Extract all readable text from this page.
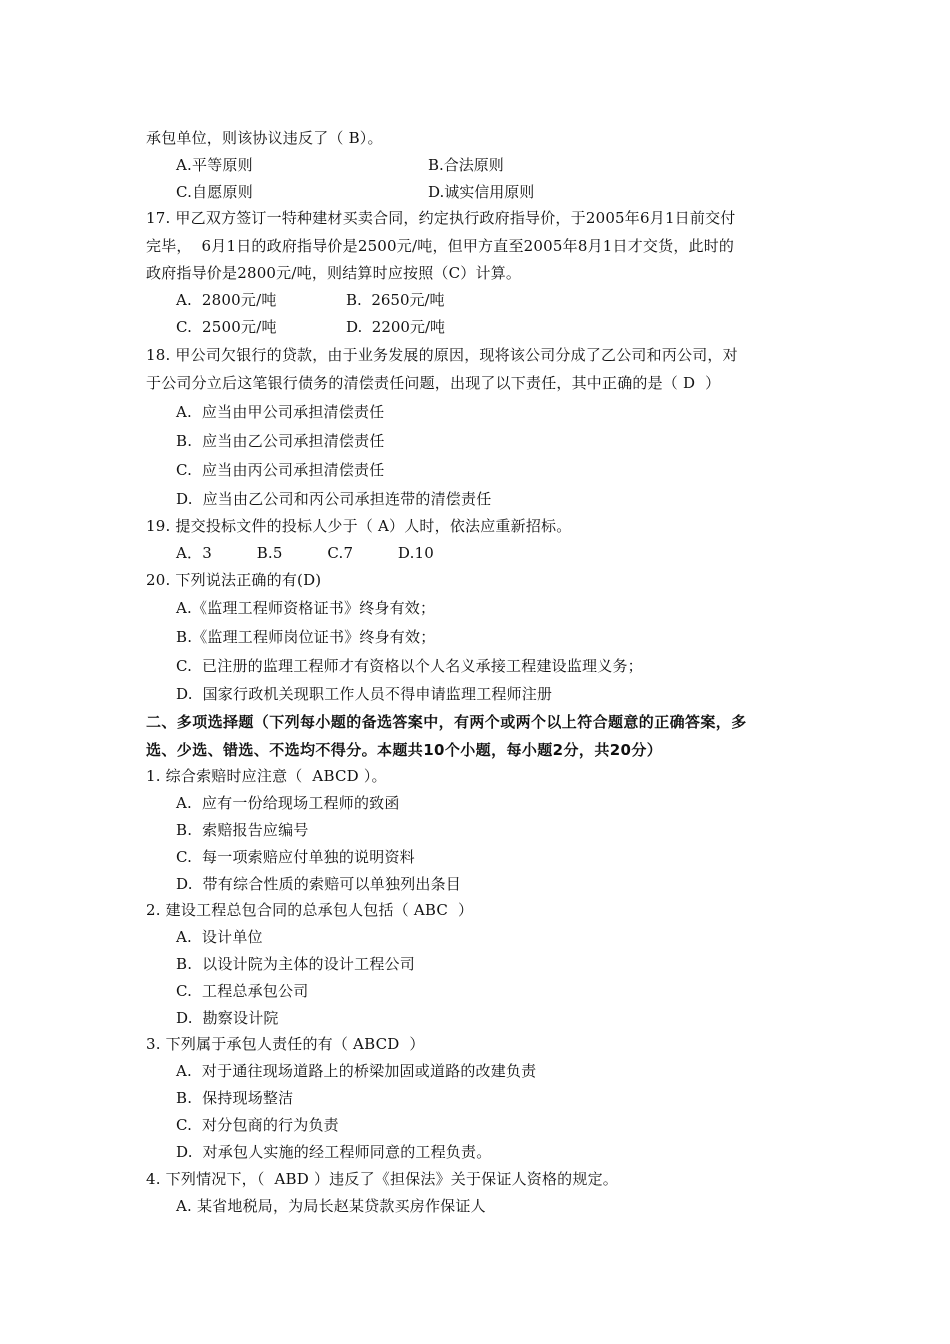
承包单位，则该协议违反了（ B）。
A.平等原则	B.合法原则
C.自愿原则	D.诚实信用原则
17. 甲乙双方签订一特种建材买卖合同，约定执行政府指导价，于2005年6月1日前交付
完毕，  6月1日的政府指导价是2500元/吨，但甲方直至2005年8月1日才交货，此时的
政府指导价是2800元/吨，则结算时应按照（C）计算。
A.  2800元/吨	B.  2650元/吨
C.  2500元/吨	D.  2200元/吨
18. 甲公司欠银行的贷款，由于业务发展的原因，现将该公司分成了乙公司和丙公司，对
于公司分立后这笔银行债务的清偿责任问题，出现了以下责任，其中正确的是（ D  ）
A.  应当由甲公司承担清偿责任
B.  应当由乙公司承担清偿责任
C.  应当由丙公司承担清偿责任
D.  应当由乙公司和丙公司承担连带的清偿责任
19. 提交投标文件的投标人少于（ A）人时，依法应重新招标。
A．3         B.5         C.7         D.10
20. 下列说法正确的有(D)
A.《监理工程师资格证书》终身有效；
B.《监理工程师岗位证书》终身有效；
C.  已注册的监理工程师才有资格以个人名义承接工程建设监理义务；
D.  国家行政机关现职工作人员不得申请监理工程师注册
二、多项选择题（下列每小题的备选答案中，有两个或两个以上符合题意的正确答案，多
选、少选、错选、不选均不得分。本题共10个小题，每小题2分，共20分）
1. 综合索赔时应注意（  ABCD ）。
A.  应有一份给现场工程师的致函
B.  索赔报告应编号
C.  每一项索赔应付单独的说明资料
D.  带有综合性质的索赔可以单独列出条目
2. 建设工程总包合同的总承包人包括（ ABC  ）
A.  设计单位
B.  以设计院为主体的设计工程公司
C.  工程总承包公司
D.  勘察设计院
3. 下列属于承包人责任的有（ ABCD  ）
A.  对于通往现场道路上的桥梁加固或道路的改建负责
B.  保持现场整洁
C.  对分包商的行为负责
D.  对承包人实施的经工程师同意的工程负责。
4. 下列情况下，（  ABD ）违反了《担保法》关于保证人资格的规定。
A. 某省地税局，为局长赵某贷款买房作保证人
